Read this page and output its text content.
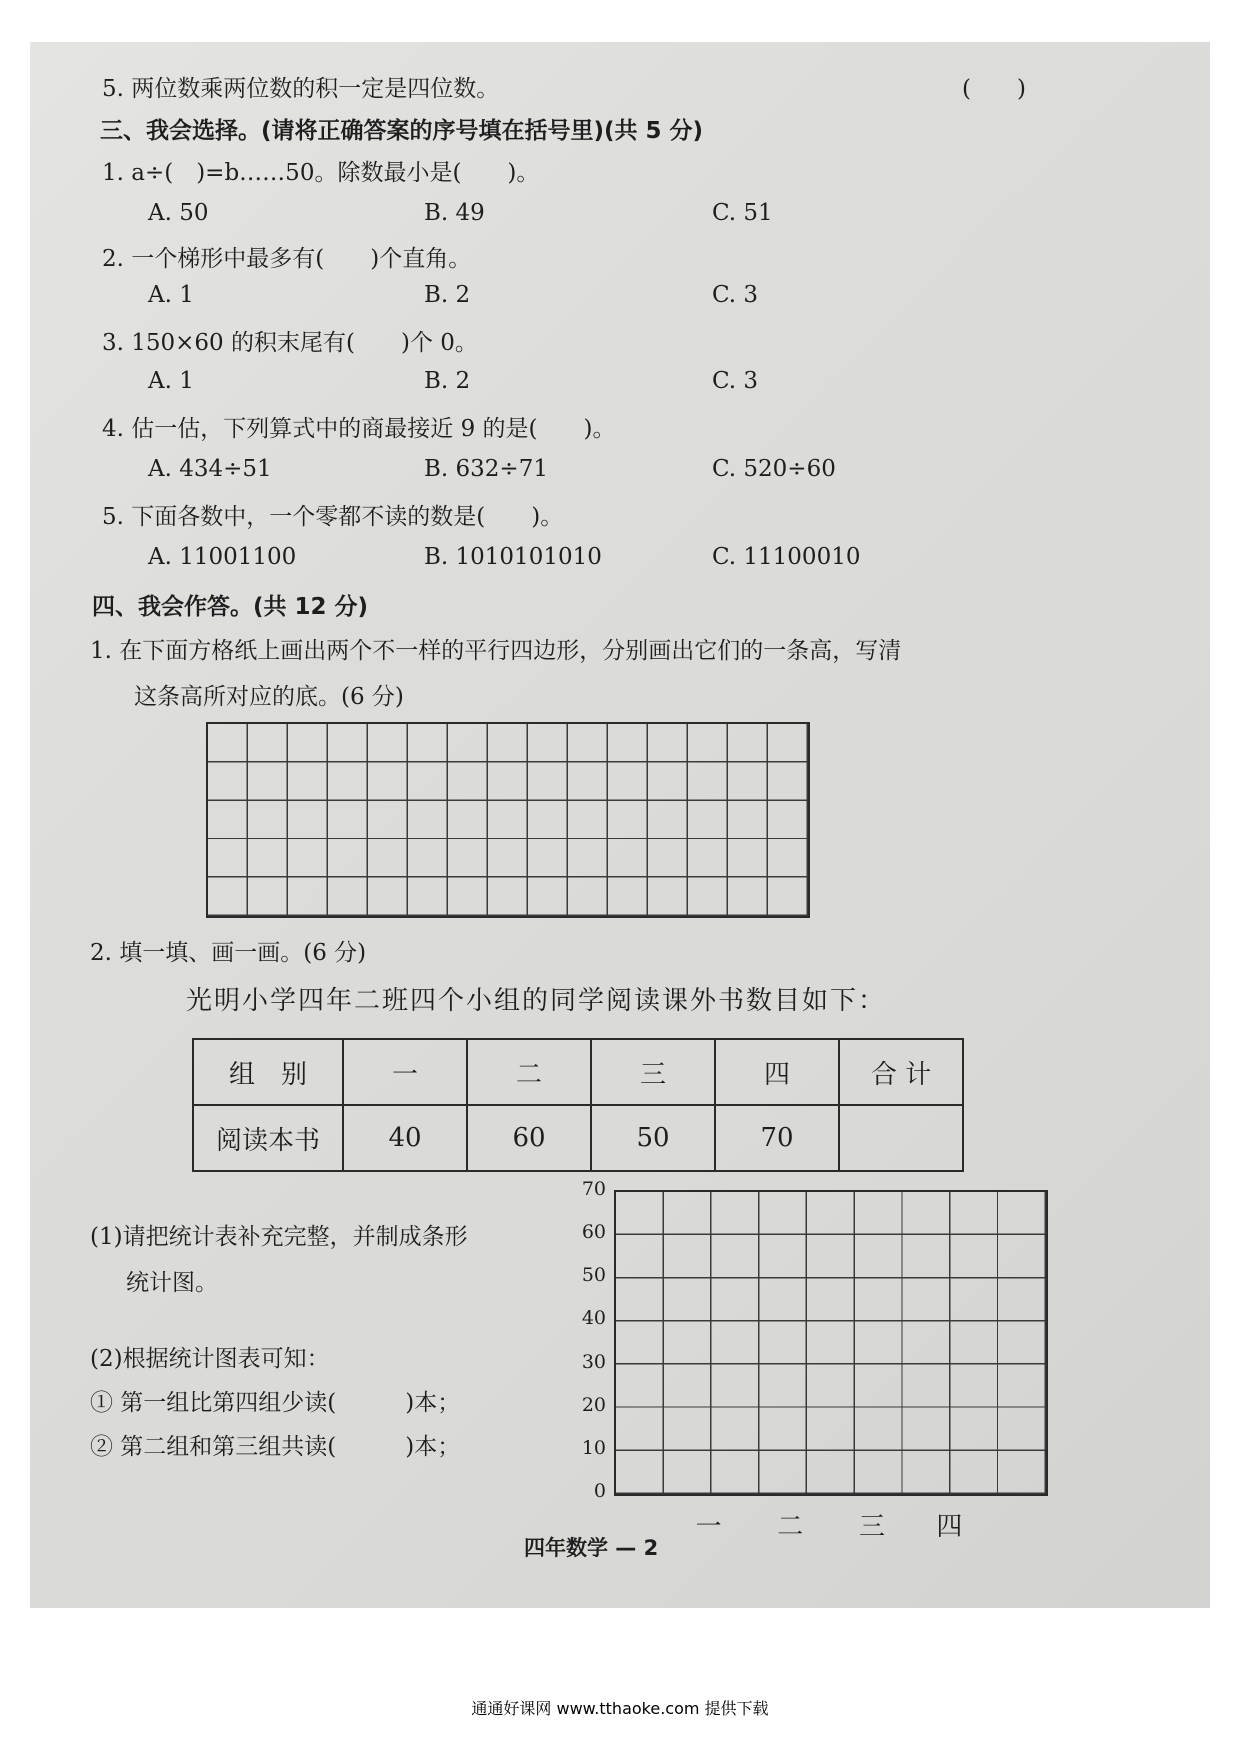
5. 两位数乘两位数的积一定是四位数。	(　　)
三、我会选择。(请将正确答案的序号填在括号里)(共 5 分)
1. a÷(　)=b……50。除数最小是(　　)。
A. 50	B. 49	C. 51
2. 一个梯形中最多有(　　)个直角。
A. 1	B. 2	C. 3
3. 150×60 的积末尾有(　　)个 0。
A. 1	B. 2	C. 3
4. 估一估，下列算式中的商最接近 9 的是(　　)。
A. 434÷51	B. 632÷71	C. 520÷60
5. 下面各数中，一个零都不读的数是(　　)。
A. 11001100	B. 1010101010	C. 11100010
四、我会作答。(共 12 分)
1. 在下面方格纸上画出两个不一样的平行四边形，分别画出它们的一条高，写清
这条高所对应的底。(6 分)
2. 填一填、画一画。(6 分)
光明小学四年二班四个小组的同学阅读课外书数目如下：
(1)请把统计表补充完整，并制成条形
统计图。
(2)根据统计图表可知：
① 第一组比第四组少读(　　　)本；
② 第二组和第三组共读(　　　)本；
0
10
20
30
40
50
60
70
一	二	三	四
四年数学 — 2
组　别	一	二	三	四	合 计
阅读本书	40	60	50	70	
通通好课网 www.tthaoke.com 提供下载
